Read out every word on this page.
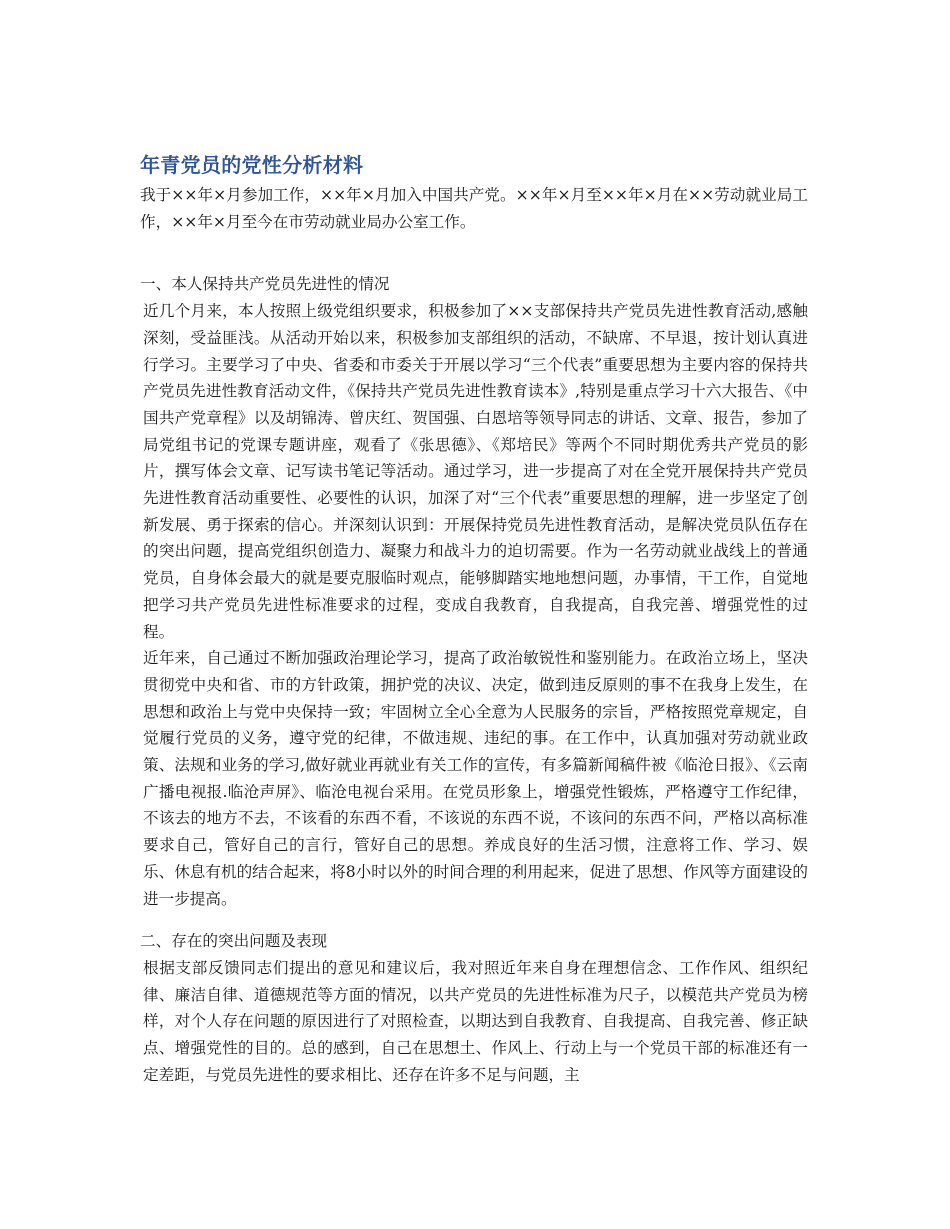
年青党员的党性分析材料

我于××年×月参加工作，××年×月加入中国共产党。××年×月至××年×月在××劳动就业局工作，××年×月至今在市劳动就业局办公室工作。

一、本人保持共产党员先进性的情况

近几个月来，本人按照上级党组织要求，积极参加了××支部保持共产党员先进性教育活动,感触深刻，受益匪浅。从活动开始以来，积极参加支部组织的活动，不缺席、不早退，按计划认真进行学习。主要学习了中央、省委和市委关于开展以学习“三个代表”重要思想为主要内容的保持共产党员先进性教育活动文件，《保持共产党员先进性教育读本》,特别是重点学习十六大报告、《中国共产党章程》以及胡锦涛、曾庆红、贺国强、白恩培等领导同志的讲话、文章、报告，参加了局党组书记的党课专题讲座，观看了《张思德》、《郑培民》等两个不同时期优秀共产党员的影片，撰写体会文章、记写读书笔记等活动。通过学习，进一步提高了对在全党开展保持共产党员先进性教育活动重要性、必要性的认识，加深了对“三个代表”重要思想的理解，进一步坚定了创新发展、勇于探索的信心。并深刻认识到：开展保持党员先进性教育活动，是解决党员队伍存在的突出问题，提高党组织创造力、凝聚力和战斗力的迫切需要。作为一名劳动就业战线上的普通党员，自身体会最大的就是要克服临时观点，能够脚踏实地地想问题，办事情，干工作，自觉地把学习共产党员先进性标准要求的过程，变成自我教育，自我提高，自我完善、增强党性的过程。

近年来，自己通过不断加强政治理论学习，提高了政治敏锐性和鉴别能力。在政治立场上，坚决贯彻党中央和省、市的方针政策，拥护党的决议、决定，做到违反原则的事不在我身上发生，在思想和政治上与党中央保持一致；牢固树立全心全意为人民服务的宗旨，严格按照党章规定，自觉履行党员的义务，遵守党的纪律，不做违规、违纪的事。在工作中，认真加强对劳动就业政策、法规和业务的学习,做好就业再就业有关工作的宣传，有多篇新闻稿件被《临沧日报》、《云南广播电视报.临沧声屏》、临沧电视台采用。在党员形象上，增强党性锻炼，严格遵守工作纪律，不该去的地方不去，不该看的东西不看，不该说的东西不说，不该问的东西不问，严格以高标准要求自己，管好自己的言行，管好自己的思想。养成良好的生活习惯，注意将工作、学习、娱乐、休息有机的结合起来，将8小时以外的时间合理的利用起来，促进了思想、作风等方面建设的进一步提高。

二、存在的突出问题及表现

根据支部反馈同志们提出的意见和建议后，我对照近年来自身在理想信念、工作作风、组织纪律、廉洁自律、道德规范等方面的情况，以共产党员的先进性标准为尺子，以模范共产党员为榜样，对个人存在问题的原因进行了对照检查，以期达到自我教育、自我提高、自我完善、修正缺点、增强党性的目的。总的感到，自己在思想土、作风上、行动上与一个党员干部的标准还有一定差距，与党员先进性的要求相比、还存在许多不足与问题，主
